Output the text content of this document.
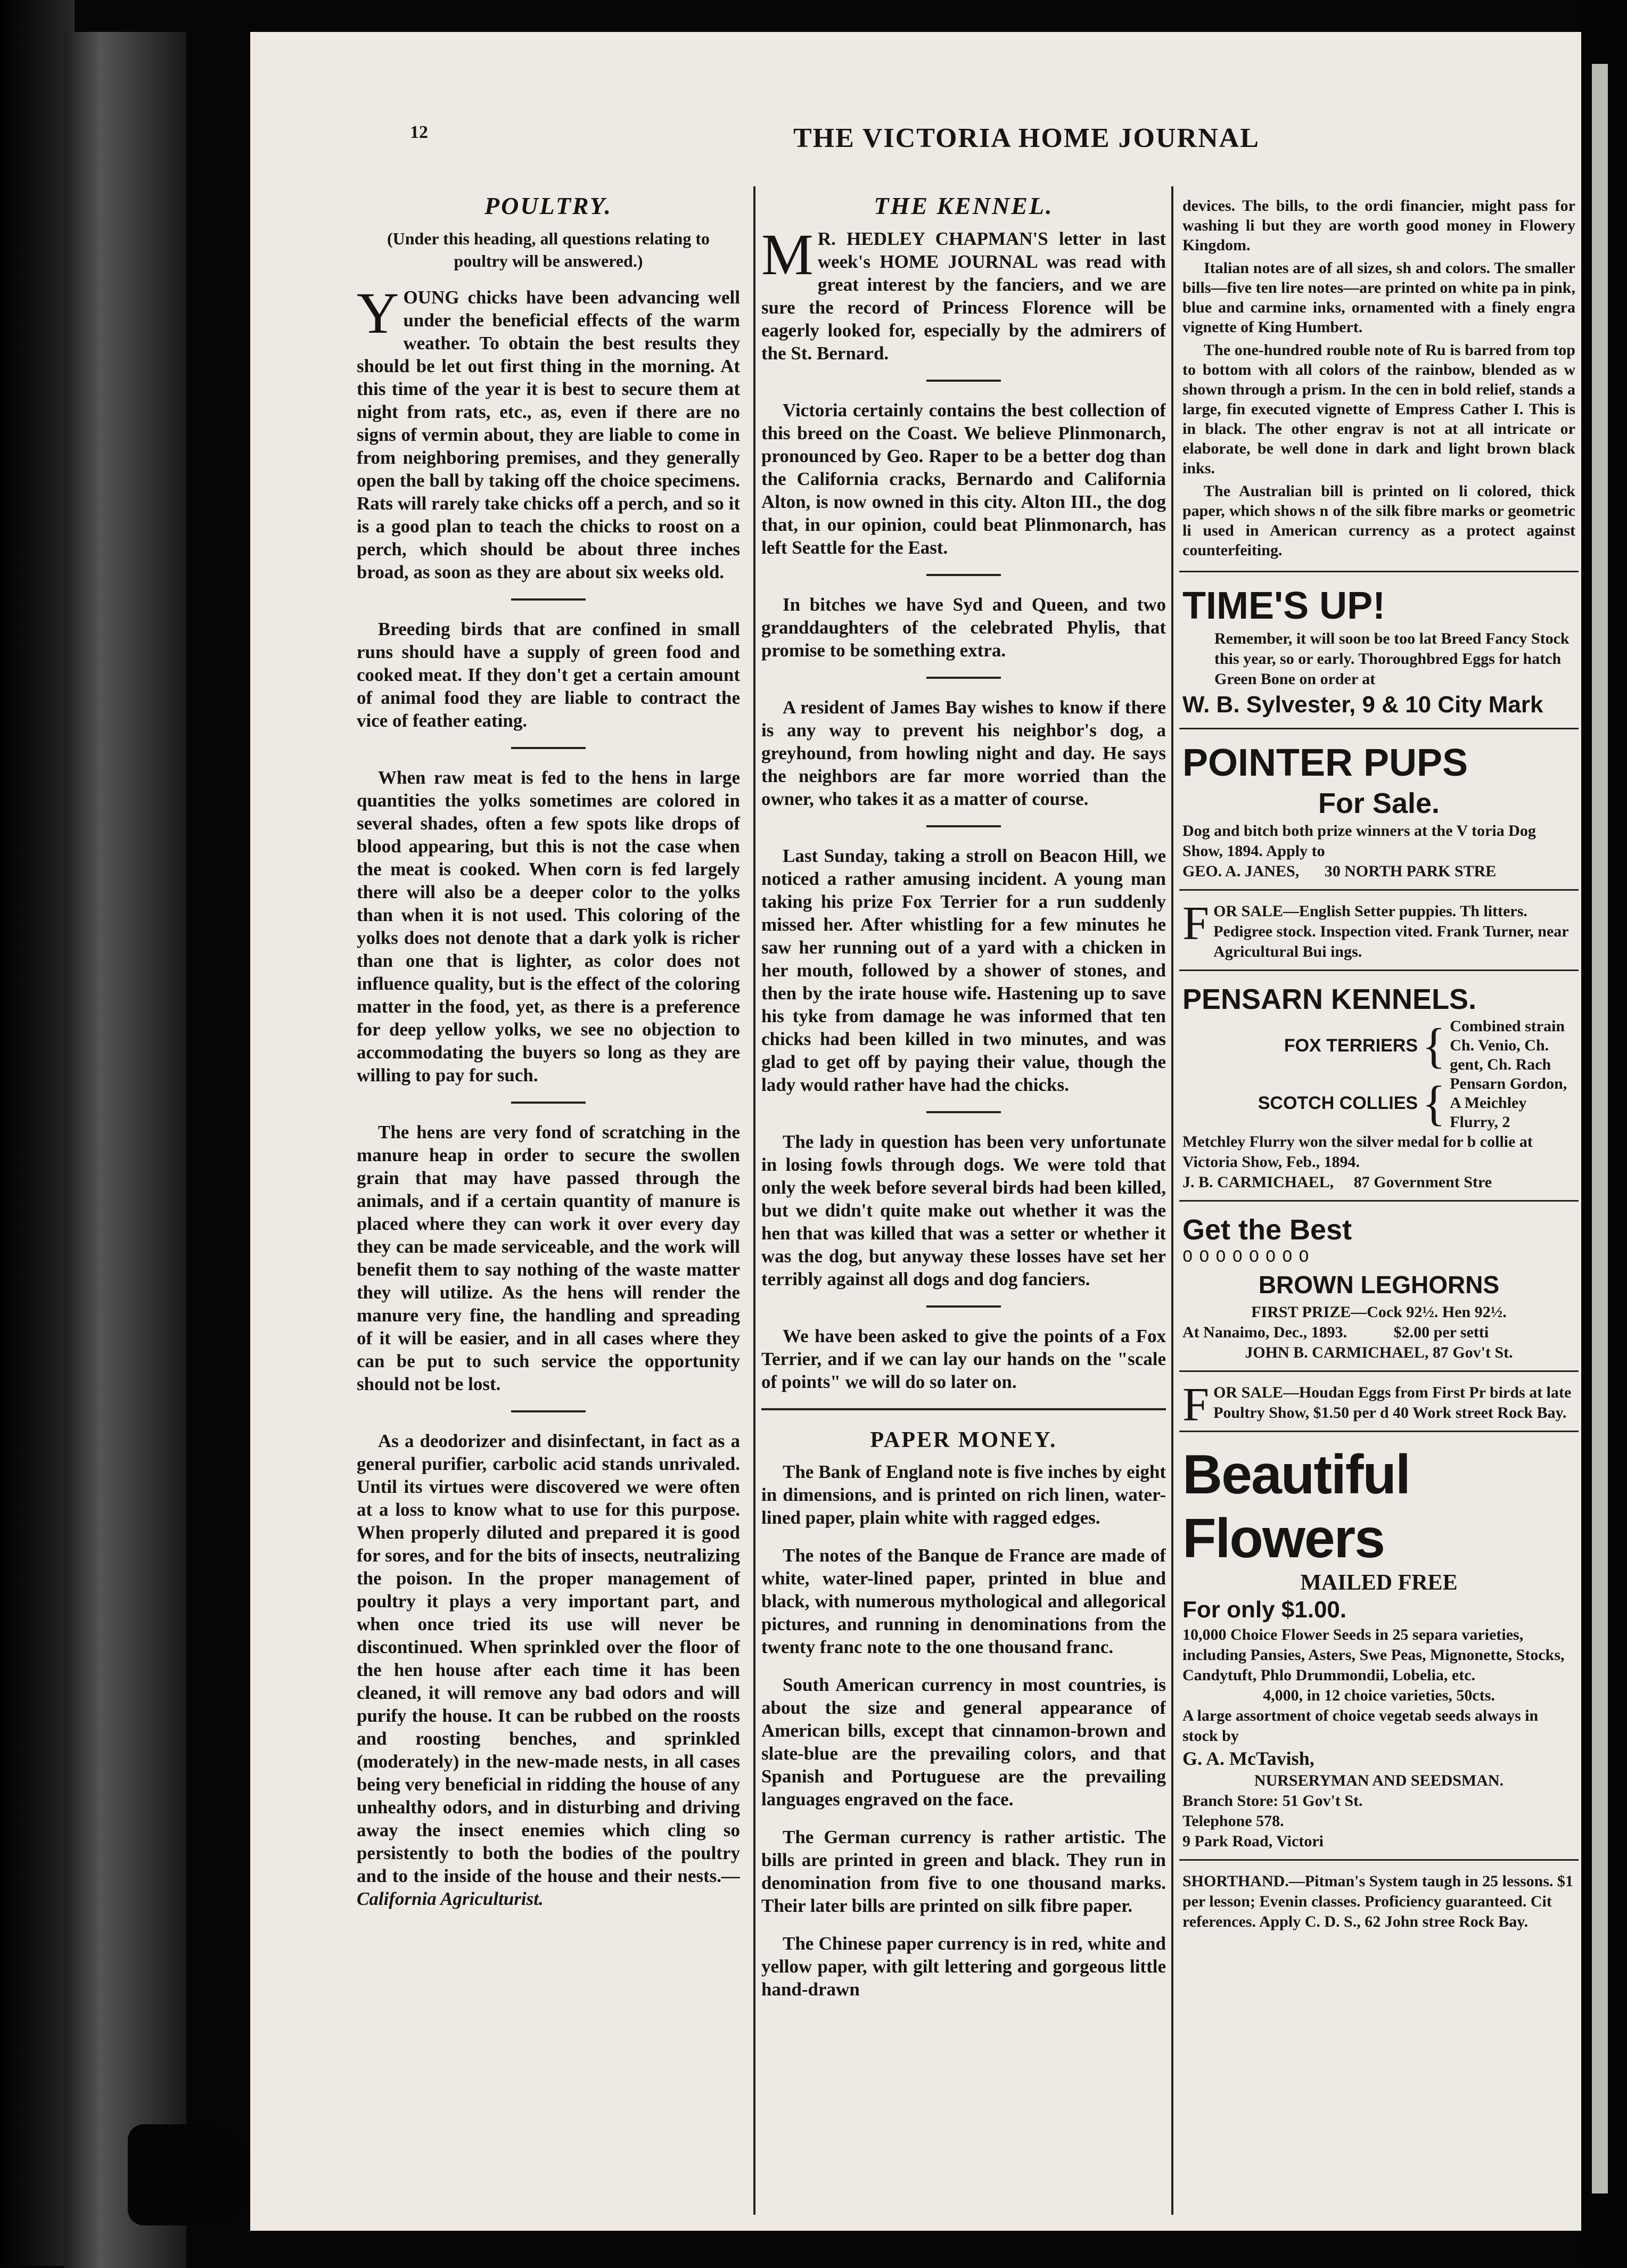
12	THE VICTORIA HOME JOURNAL
POULTRY.
(Under this heading, all questions relating to poultry will be answered.)

Y OUNG chicks have been advancing well under the beneficial effects of the warm weather. To obtain the best results they should be let out first thing in the morning. At this time of the year it is best to secure them at night from rats, etc., as, even if there are no signs of vermin about, they are liable to come in from neighboring premises, and they generally open the ball by taking off the choice specimens. Rats will rarely take chicks off a perch, and so it is a good plan to teach the chicks to roost on a perch, which should be about three inches broad, as soon as they are about six weeks old.

Breeding birds that are confined in small runs should have a supply of green food and cooked meat. If they don't get a certain amount of animal food they are liable to contract the vice of feather eating.

When raw meat is fed to the hens in large quantities the yolks sometimes are colored in several shades, often a few spots like drops of blood appearing, but this is not the case when the meat is cooked. When corn is fed largely there will also be a deeper color to the yolks than when it is not used. This coloring of the yolks does not denote that a dark yolk is richer than one that is lighter, as color does not influence quality, but is the effect of the coloring matter in the food, yet, as there is a preference for deep yellow yolks, we see no objection to accommodating the buyers so long as they are willing to pay for such.

The hens are very fond of scratching in the manure heap in order to secure the swollen grain that may have passed through the animals, and if a certain quantity of manure is placed where they can work it over every day they can be made serviceable, and the work will benefit them to say nothing of the waste matter they will utilize. As the hens will render the manure very fine, the handling and spreading of it will be easier, and in all cases where they can be put to such service the opportunity should not be lost.

As a deodorizer and disinfectant, in fact as a general purifier, carbolic acid stands unrivaled. Until its virtues were discovered we were often at a loss to know what to use for this purpose. When properly diluted and prepared it is good for sores, and for the bits of insects, neutralizing the poison. In the proper management of poultry it plays a very important part, and when once tried its use will never be discontinued. When sprinkled over the floor of the hen house after each time it has been cleaned, it will remove any bad odors and will purify the house. It can be rubbed on the roosts and roosting benches, and sprinkled (moderately) in the new-made nests, in all cases being very beneficial in ridding the house of any unhealthy odors, and in disturbing and driving away the insect enemies which cling so persistently to both the bodies of the poultry and to the inside of the house and their nests.—California Agriculturist.

THE KENNEL.

M R. HEDLEY CHAPMAN'S letter in last week's HOME JOURNAL was read with great interest by the fanciers, and we are sure the record of Princess Florence will be eagerly looked for, especially by the admirers of the St. Bernard.

Victoria certainly contains the best collection of this breed on the Coast. We believe Plinmonarch, pronounced by Geo. Raper to be a better dog than the California cracks, Bernardo and California Alton, is now owned in this city. Alton III., the dog that, in our opinion, could beat Plinmonarch, has left Seattle for the East.

In bitches we have Syd and Queen, and two granddaughters of the celebrated Phylis, that promise to be something extra.

A resident of James Bay wishes to know if there is any way to prevent his neighbor's dog, a greyhound, from howling night and day. He says the neighbors are far more worried than the owner, who takes it as a matter of course.

Last Sunday, taking a stroll on Beacon Hill, we noticed a rather amusing incident. A young man taking his prize Fox Terrier for a run suddenly missed her. After whistling for a few minutes he saw her running out of a yard with a chicken in her mouth, followed by a shower of stones, and then by the irate house wife. Hastening up to save his tyke from damage he was informed that ten chicks had been killed in two minutes, and was glad to get off by paying their value, though the lady would rather have had the chicks.

The lady in question has been very unfortunate in losing fowls through dogs. We were told that only the week before several birds had been killed, but we didn't quite make out whether it was the hen that was killed that was a setter or whether it was the dog, but anyway these losses have set her terribly against all dogs and dog fanciers.

We have been asked to give the points of a Fox Terrier, and if we can lay our hands on the "scale of points" we will do so later on.

PAPER MONEY.

The Bank of England note is five inches by eight in dimensions, and is printed on rich linen, water-lined paper, plain white with ragged edges.

The notes of the Banque de France are made of white, water-lined paper, printed in blue and black, with numerous mythological and allegorical pictures, and running in denominations from the twenty franc note to the one thousand franc.

South American currency in most countries, is about the size and general appearance of American bills, except that cinnamon-brown and slate-blue are the prevailing colors, and that Spanish and Portuguese are the prevailing languages engraved on the face.

The German currency is rather artistic. The bills are printed in green and black. They run in denomination from five to one thousand marks. Their later bills are printed on silk fibre paper.

The Chinese paper currency is in red, white and yellow paper, with gilt lettering and gorgeous little hand-drawn

devices. The bills, to the ordi financier, might pass for washing li but they are worth good money in Flowery Kingdom.

Italian notes are of all sizes, sh and colors. The smaller bills—five ten lire notes—are printed on white pa in pink, blue and carmine inks, ornamented with a finely engra vignette of King Humbert.

The one-hundred rouble note of Ru is barred from top to bottom with all colors of the rainbow, blended as w shown through a prism. In the cen in bold relief, stands a large, fin executed vignette of Empress Cather I. This is in black. The other engrav is not at all intricate or elaborate, be well done in dark and light brown black inks.

The Australian bill is printed on li colored, thick paper, which shows n of the silk fibre marks or geometric li used in American currency as a protect against counterfeiting.

TIME'S UP!
Remember, it will soon be too lat Breed Fancy Stock this year, so or early. Thoroughbred Eggs for hatch Green Bone on order at
W. B. Sylvester, 9 & 10 City Mark
POINTER PUPS
For Sale.
Dog and bitch both prize winners at the V toria Dog Show, 1894. Apply to
GEO. A. JANES, 30 NORTH PARK STRE

F OR SALE—English Setter puppies. Th litters. Pedigree stock. Inspection vited. Frank Turner, near Agricultural Bui ings.

PENSARN KENNELS.
FOX TERRIERS { Combined strain Ch. Venio, Ch. gent, Ch. Rach
SCOTCH COLLIES { Pensarn Gordon, A Meichley Flurry, 2
Metchley Flurry won the silver medal for b collie at Victoria Show, Feb., 1894.
J. B. CARMICHAEL, 87 Government Stre
Get the Best
OOOOOOOO
BROWN LEGHORNS
FIRST PRIZE—Cock 92½. Hen 92½.
At Nanaimo, Dec., 1893.	$2.00 per setti
JOHN B. CARMICHAEL, 87 Gov't St.

F OR SALE—Houdan Eggs from First Pr birds at late Poultry Show, $1.50 per d 40 Work street Rock Bay.

Beautiful Flowers
MAILED FREE
For only $1.00.
10,000 Choice Flower Seeds in 25 separa varieties, including Pansies, Asters, Swe Peas, Mignonette, Stocks, Candytuft, Phlo Drummondii, Lobelia, etc.
4,000, in 12 choice varieties, 50cts.
A large assortment of choice vegetab seeds always in stock by
G. A. McTavish,
NURSERYMAN AND SEEDSMAN.
Branch Store: 51 Gov't St.
Telephone 578.
9 Park Road, Victori
SHORTHAND.—Pitman's System taugh in 25 lessons. $1 per lesson; Evenin classes. Proficiency guaranteed. Cit references. Apply C. D. S., 62 John stree Rock Bay.
